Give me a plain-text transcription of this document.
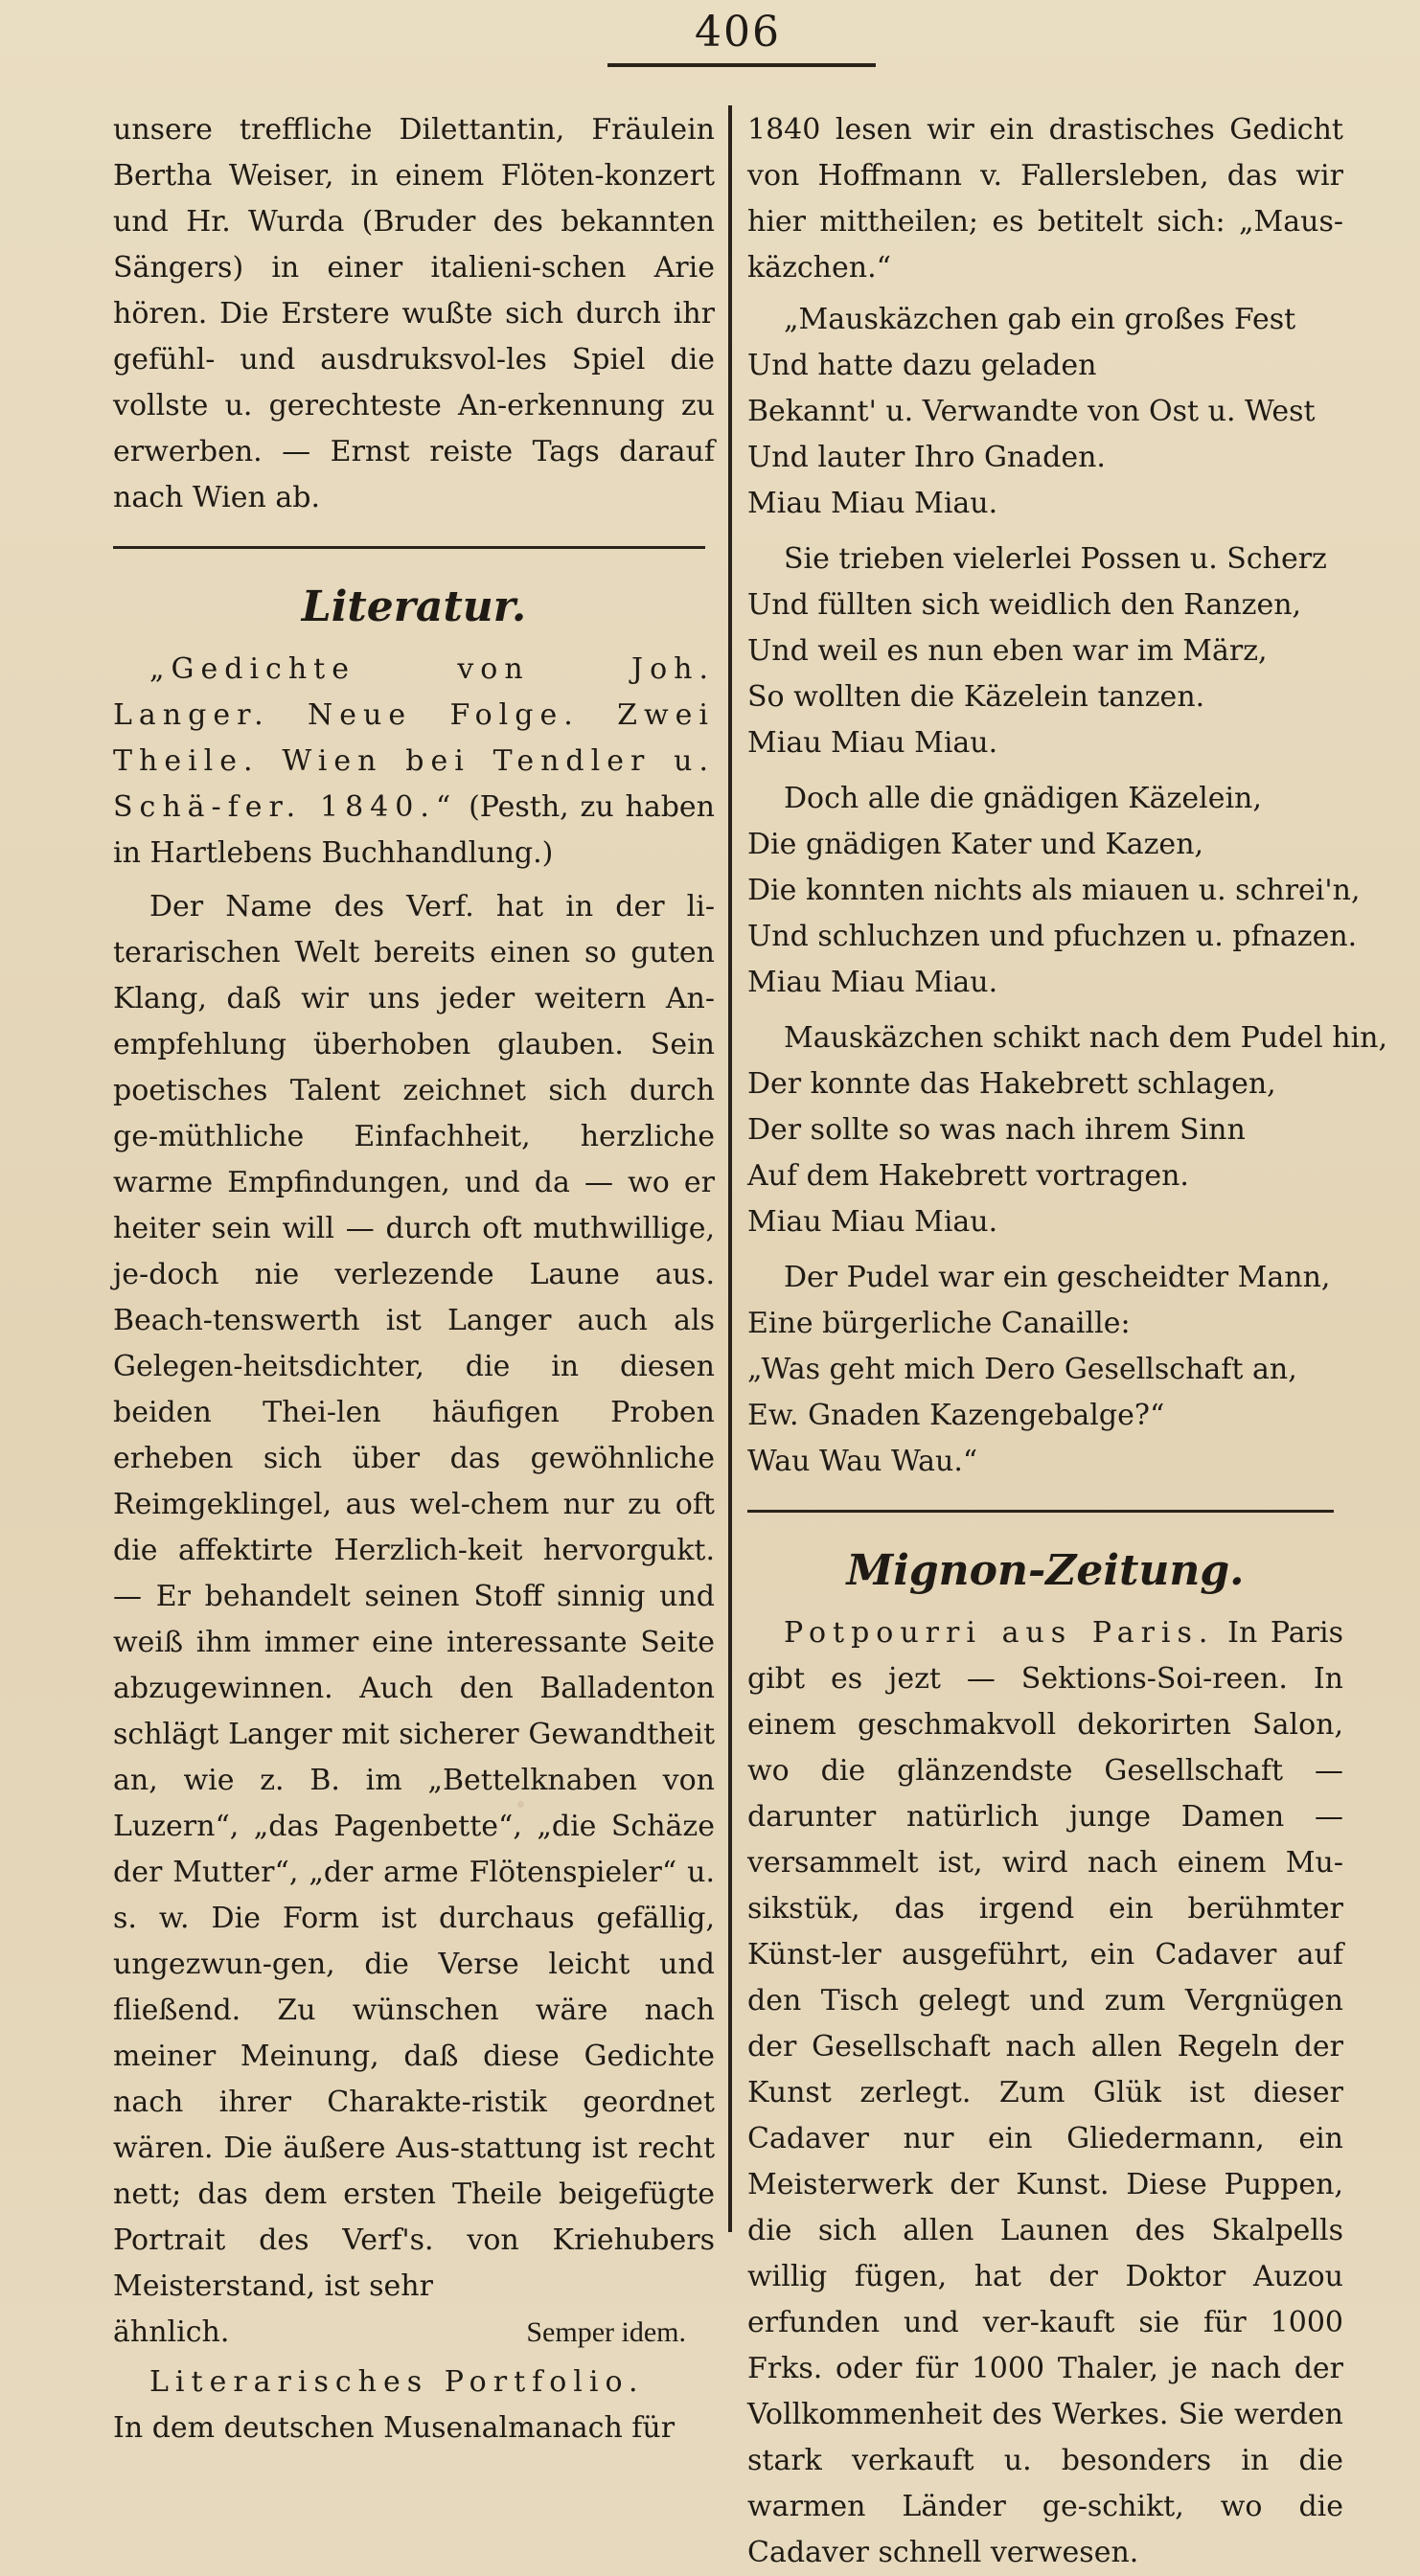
406

unsere treffliche Dilettantin, Fräulein Bertha Weiser, in einem Flöten-konzert und Hr. Wurda (Bruder des bekannten Sängers) in einer italieni-schen Arie hören. Die Erstere wußte sich durch ihr gefühl- und ausdruksvol-les Spiel die vollste u. gerechteste An-erkennung zu erwerben. — Ernst reiste Tags darauf nach Wien ab.

Literatur.

„Gedichte von Joh. Langer. Neue Folge. Zwei Theile. Wien bei Tendler u. Schä-fer. 1840.“ (Pesth, zu haben in Hartlebens Buchhandlung.)

Der Name des Verf. hat in der li-terarischen Welt bereits einen so guten Klang, daß wir uns jeder weitern An-empfehlung überhoben glauben. Sein poetisches Talent zeichnet sich durch ge-müthliche Einfachheit, herzliche warme Empfindungen, und da — wo er heiter sein will — durch oft muthwillige, je-doch nie verlezende Laune aus. Beach-tenswerth ist Langer auch als Gelegen-heitsdichter, die in diesen beiden Thei-len häufigen Proben erheben sich über das gewöhnliche Reimgeklingel, aus wel-chem nur zu oft die affektirte Herzlich-keit hervorgukt. — Er behandelt seinen Stoff sinnig und weiß ihm immer eine interessante Seite abzugewinnen. Auch den Balladenton schlägt Langer mit sicherer Gewandtheit an, wie z. B. im „Bettelknaben von Luzern“, „das Pagenbette“, „die Schäze der Mutter“, „der arme Flötenspieler“ u. s. w. Die Form ist durchaus gefällig, ungezwun-gen, die Verse leicht und fließend. Zu wünschen wäre nach meiner Meinung, daß diese Gedichte nach ihrer Charakte-ristik geordnet wären. Die äußere Aus-stattung ist recht nett; das dem ersten Theile beigefügte Portrait des Verf's. von Kriehubers Meisterstand, ist sehr

ähnlich.	Semper idem.

Literarisches Portfolio.

In dem deutschen Musenalmanach für

1840 lesen wir ein drastisches Gedicht von Hoffmann v. Fallersleben, das wir hier mittheilen; es betitelt sich: „Maus-käzchen.“

„Mauskäzchen gab ein großes Fest

Und hatte dazu geladen

Bekannt' u. Verwandte von Ost u. West

Und lauter Ihro Gnaden.

Miau Miau Miau.

Sie trieben vielerlei Possen u. Scherz

Und füllten sich weidlich den Ranzen,

Und weil es nun eben war im März,

So wollten die Käzelein tanzen.

Miau Miau Miau.

Doch alle die gnädigen Käzelein,

Die gnädigen Kater und Kazen,

Die konnten nichts als miauen u. schrei'n,

Und schluchzen und pfuchzen u. pfnazen.

Miau Miau Miau.

Mauskäzchen schikt nach dem Pudel hin,

Der konnte das Hakebrett schlagen,

Der sollte so was nach ihrem Sinn

Auf dem Hakebrett vortragen.

Miau Miau Miau.

Der Pudel war ein gescheidter Mann,

Eine bürgerliche Canaille:

„Was geht mich Dero Gesellschaft an,

Ew. Gnaden Kazengebalge?“

Wau Wau Wau.“

Mignon-Zeitung.

Potpourri aus Paris. In Paris gibt es jezt — Sektions-Soi-reen. In einem geschmakvoll dekorirten Salon, wo die glänzendste Gesellschaft — darunter natürlich junge Damen — versammelt ist, wird nach einem Mu-sikstük, das irgend ein berühmter Künst-ler ausgeführt, ein Cadaver auf den Tisch gelegt und zum Vergnügen der Gesellschaft nach allen Regeln der Kunst zerlegt. Zum Glük ist dieser Cadaver nur ein Gliedermann, ein Meisterwerk der Kunst. Diese Puppen, die sich allen Launen des Skalpells willig fügen, hat der Doktor Auzou erfunden und ver-kauft sie für 1000 Frks. oder für 1000 Thaler, je nach der Vollkommenheit des Werkes. Sie werden stark verkauft u. besonders in die warmen Länder ge-schikt, wo die Cadaver schnell verwesen.
